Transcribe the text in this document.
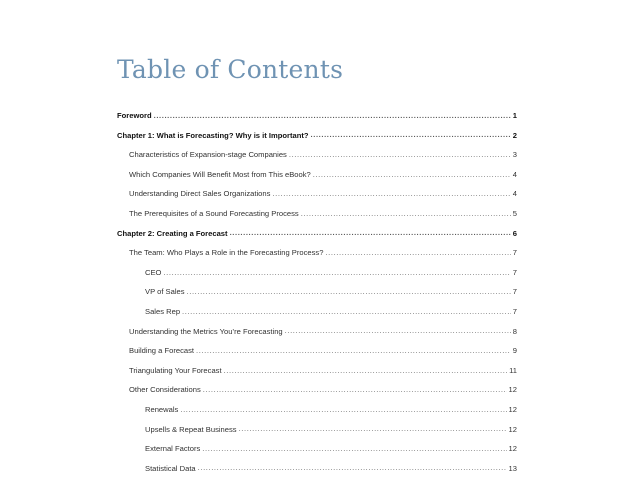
Table of Contents
Foreword .....	1
Chapter 1: What is Forecasting? Why is it Important? .....	2
Characteristics of Expansion-stage Companies .....	3
Which Companies Will Benefit Most from This eBook? .....	4
Understanding Direct Sales Organizations .....	4
The Prerequisites of a Sound Forecasting Process .....	5
Chapter 2: Creating a Forecast .....	6
The Team: Who Plays a Role in the Forecasting Process? .....	7
CEO .....	7
VP of Sales .....	7
Sales Rep .....	7
Understanding the Metrics You’re Forecasting .....	8
Building a Forecast .....	9
Triangulating Your Forecast .....	11
Other Considerations .....	12
Renewals .....	12
Upsells & Repeat Business .....	12
External Factors .....	12
Statistical Data .....	13
